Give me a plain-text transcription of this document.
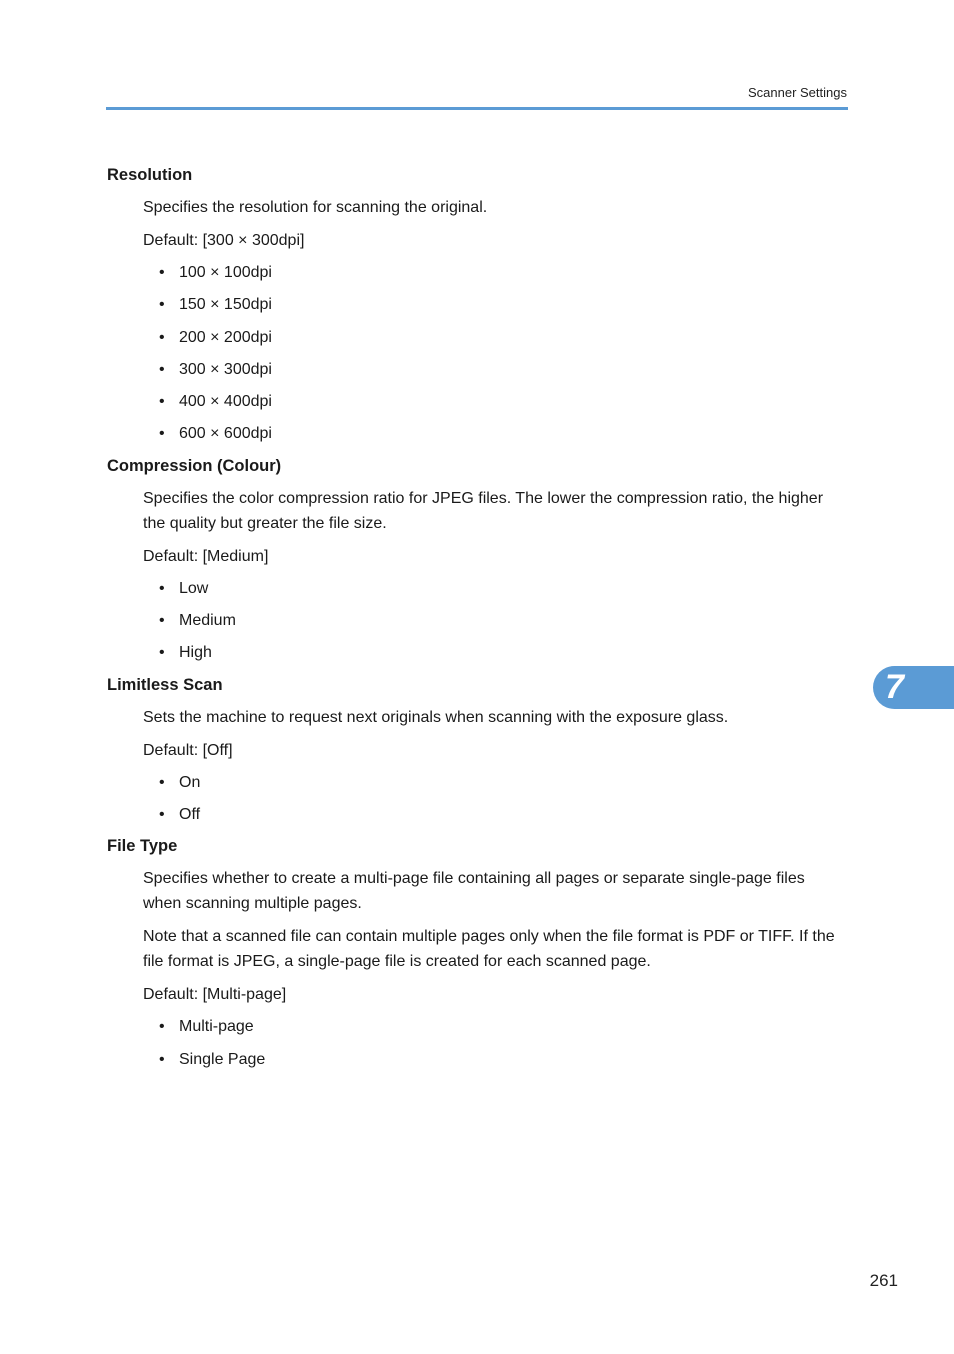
Scanner Settings
Resolution

Specifies the resolution for scanning the original.

Default: [300 × 300dpi]

• 100 × 100dpi
• 150 × 150dpi
• 200 × 200dpi
• 300 × 300dpi
• 400 × 400dpi
• 600 × 600dpi
Compression (Colour)

Specifies the color compression ratio for JPEG files. The lower the compression ratio, the higher the quality but greater the file size.

Default: [Medium]

• Low
• Medium
• High
Limitless Scan

Sets the machine to request next originals when scanning with the exposure glass.

Default: [Off]

• On
• Off
File Type

Specifies whether to create a multi-page file containing all pages or separate single-page files when scanning multiple pages.

Note that a scanned file can contain multiple pages only when the file format is PDF or TIFF. If the file format is JPEG, a single-page file is created for each scanned page.

Default: [Multi-page]

• Multi-page
• Single Page
7
261
